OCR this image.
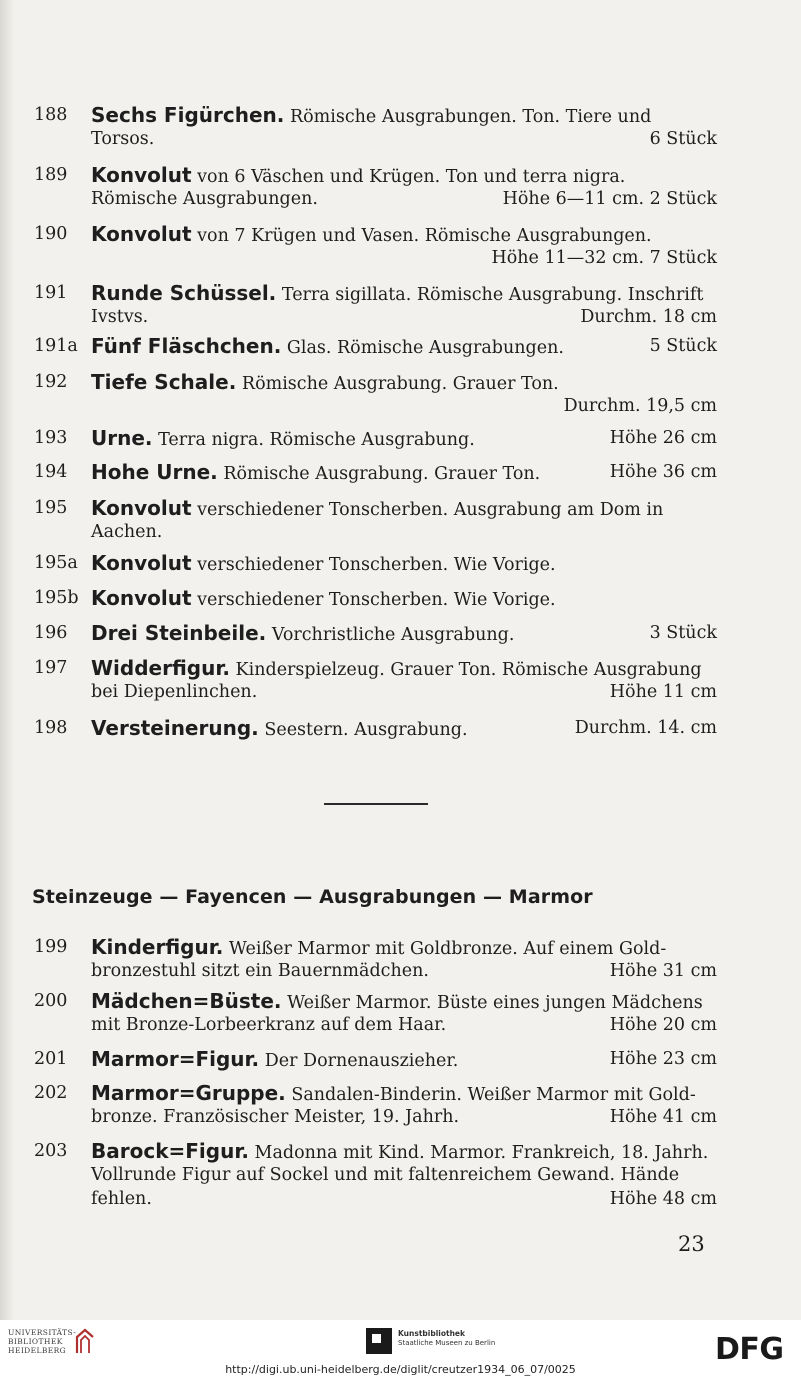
188	Sechs Figürchen. Römische Ausgrabungen. Ton. Tiere und
Torsos.	6 Stück
189	Konvolut von 6 Väschen und Krügen. Ton und terra nigra.
Römische Ausgrabungen.	Höhe 6—11 cm. 2 Stück
190	Konvolut von 7 Krügen und Vasen. Römische Ausgrabungen.
Höhe 11—32 cm. 7 Stück
191	Runde Schüssel. Terra sigillata. Römische Ausgrabung. Inschrift
Ivstvs.	Durchm. 18 cm
191a Fünf Fläschchen. Glas. Römische Ausgrabungen.	5 Stück
192	Tiefe Schale. Römische Ausgrabung. Grauer Ton.
Durchm. 19,5 cm
193	Urne. Terra nigra. Römische Ausgrabung.	Höhe 26 cm
194	Hohe Urne. Römische Ausgrabung. Grauer Ton.	Höhe 36 cm
195	Konvolut verschiedener Tonscherben. Ausgrabung am Dom in
Aachen.
195a Konvolut verschiedener Tonscherben. Wie Vorige.
195b Konvolut verschiedener Tonscherben. Wie Vorige.
196	Drei Steinbeile. Vorchristliche Ausgrabung.	3 Stück
197	Widderfigur. Kinderspielzeug. Grauer Ton. Römische Ausgrabung
bei Diepenlinchen.	Höhe 11 cm
198	Versteinerung. Seestern. Ausgrabung.	Durchm. 14. cm
199	Kinderfigur. Weißer Marmor mit Goldbronze. Auf einem Gold-
bronzestuhl sitzt ein Bauernmädchen.	Höhe 31 cm
200	Mädchen=Büste. Weißer Marmor. Büste eines jungen Mädchens
mit Bronze-Lorbeerkranz auf dem Haar.	Höhe 20 cm
201	Marmor=Figur. Der Dornenauszieher.	Höhe 23 cm
202	Marmor=Gruppe. Sandalen-Binderin. Weißer Marmor mit Gold-
bronze. Französischer Meister, 19. Jahrh.	Höhe 41 cm
203	Barock=Figur. Madonna mit Kind. Marmor. Frankreich, 18. Jahrh.
Vollrunde Figur auf Sockel und mit faltenreichem Gewand. Hände
fehlen.	Höhe 48 cm
Steinzeuge — Fayencen — Ausgrabungen — Marmor
23
UNIVERSITÄTS-
BIBLIOTHEK
HEIDELBERG
Kunstbibliothek
Staatliche Museen zu Berlin	DFG
http://digi.ub.uni-heidelberg.de/diglit/creutzer1934_06_07/0025
